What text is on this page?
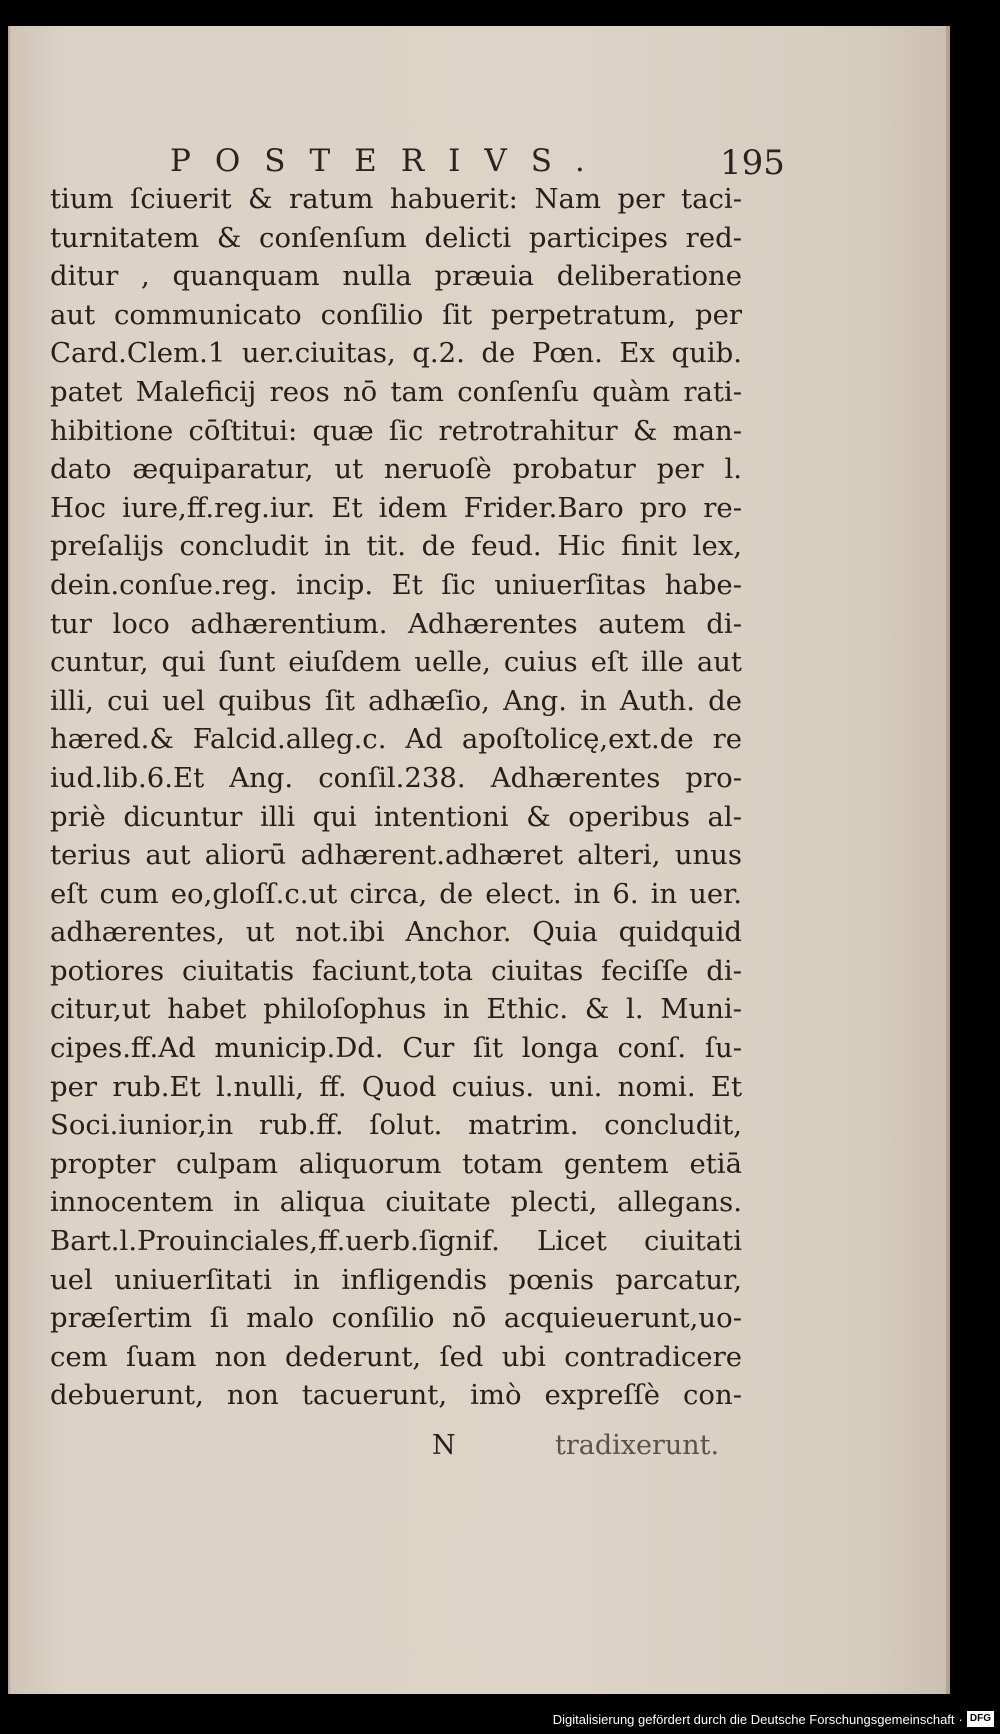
POSTERIVS.	195
tium ſciuerit & ratum habuerit: Nam per taci-
turnitatem & conſenſum delicti participes red-
ditur , quanquam nulla præuia deliberatione
aut communicato conſilio ſit perpetratum, per
Card.Clem.1 uer.ciuitas, q.2. de Pœn. Ex quib.
patet Maleficij reos nō tam conſenſu quàm rati-
hibitione cōſtitui: quæ ſic retrotrahitur & man-
dato æquiparatur, ut neruoſè probatur per l.
Hoc iure,ff.reg.iur. Et idem Frider.Baro pro re-
preſalijs concludit in tit. de feud. Hic finit lex,
dein.conſue.reg. incip. Et ſic uniuerſitas habe-
tur loco adhærentium. Adhærentes autem di-
cuntur, qui ſunt eiuſdem uelle, cuius eſt ille aut
illi, cui uel quibus ſit adhæſio, Ang. in Auth. de
hæred.& Falcid.alleg.c. Ad apoſtolicę,ext.de re
iud.lib.6.Et Ang. conſil.238. Adhærentes pro-
priè dicuntur illi qui intentioni & operibus al-
terius aut aliorū adhærent.adhæret alteri, unus
eſt cum eo,gloſſ.c.ut circa, de elect. in 6. in uer.
adhærentes, ut not.ibi Anchor. Quia quidquid
potiores ciuitatis faciunt,tota ciuitas feciſſe di-
citur,ut habet philoſophus in Ethic. & l. Muni-
cipes.ff.Ad municip.Dd. Cur ſit longa conſ. ſu-
per rub.Et l.nulli, ff. Quod cuius. uni. nomi. Et
Soci.iunior,in rub.ff. ſolut. matrim. concludit,
propter culpam aliquorum totam gentem etiā
innocentem in aliqua ciuitate plecti, allegans.
Bart.l.Prouinciales,ff.uerb.ſignif. Licet ciuitati
uel uniuerſitati in infligendis pœnis parcatur,
præſertim ſi malo conſilio nō acquieuerunt,uo-
cem ſuam non dederunt, ſed ubi contradicere
debuerunt, non tacuerunt, imò expreſſè con-
N	tradixerunt.
Digitalisierung gefördert durch die Deutsche Forschungsgemeinschaft · DFG
